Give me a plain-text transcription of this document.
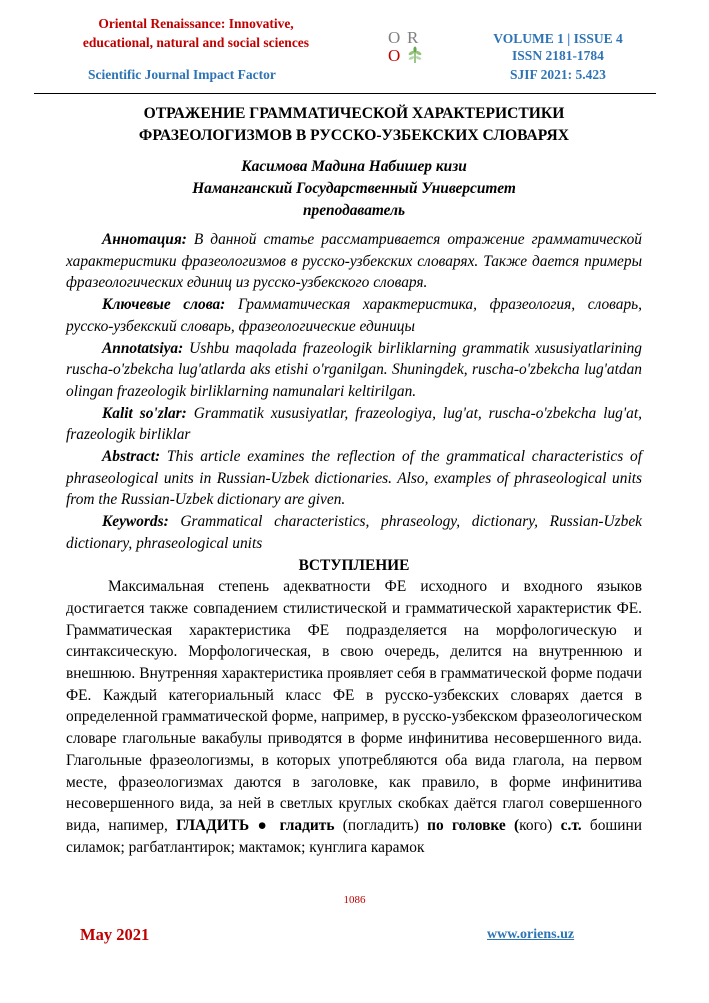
Oriental Renaissance: Innovative,
educational, natural and social sciences
Scientific Journal Impact Factor
O R
O
VOLUME 1 | ISSUE 4
ISSN 2181-1784
SJIF 2021: 5.423
ОТРАЖЕНИЕ ГРАММАТИЧЕСКОЙ ХАРАКТЕРИСТИКИ
ФРАЗЕОЛОГИЗМОВ В РУССКО-УЗБЕКСКИХ СЛОВАРЯХ
Касимова Мадина Набишер кизи
Наманганский Государственный Университет
преподаватель
Аннотация: В данной статье рассматривается отражение грамматической характеристики фразеологизмов в русско-узбекских словарях. Также дается примеры фразеологических единиц из русско-узбекского словаря.
Ключевые слова: Грамматическая характеристика, фразеология, словарь, русско-узбекский словарь, фразеологические единицы
Annotatsiya: Ushbu maqolada frazeologik birliklarning grammatik xususiyatlarining ruscha-o'zbekcha lug'atlarda aks etishi o'rganilgan. Shuningdek, ruscha-o'zbekcha lug'atdan olingan frazeologik birliklarning namunalari keltirilgan.
Kalit so'zlar: Grammatik xususiyatlar, frazeologiya, lug'at, ruscha-o'zbekcha lug'at, frazeologik birliklar
Abstract: This article examines the reflection of the grammatical characteristics of phraseological units in Russian-Uzbek dictionaries. Also, examples of phraseological units from the Russian-Uzbek dictionary are given.
Keywords: Grammatical characteristics, phraseology, dictionary, Russian-Uzbek dictionary, phraseological units
ВСТУПЛЕНИЕ
Максимальная степень адекватности ФЕ исходного и входного языков достигается также совпадением стилистической и грамматической характеристик ФЕ. Грамматическая характеристика ФЕ подразделяется на морфологическую и синтаксическую. Морфологическая, в свою очередь, делится на внутреннюю и внешнюю. Внутренняя характеристика проявляет себя в грамматической форме подачи ФЕ. Каждый категориальный класс ФЕ в русско-узбекских словарях дается в определенной грамматической форме, например, в русско-узбекском фразеологическом словаре глагольные вакабулы приводятся в форме инфинитива несовершенного вида. Глагольные фразеологизмы, в которых употребляются оба вида глагола, на первом месте, фразеологизмах даются в заголовке, как правило, в форме инфинитива несовершенного вида, за ней в светлых круглых скобках даётся глагол совершенного вида, напимер, ГЛАДИТЬ ● гладить (погладить) по головке (кого) с.т. бошини силамок; рагбатлантирок; мактамок; кунглига карамок
1086
May 2021	www.oriens.uz
